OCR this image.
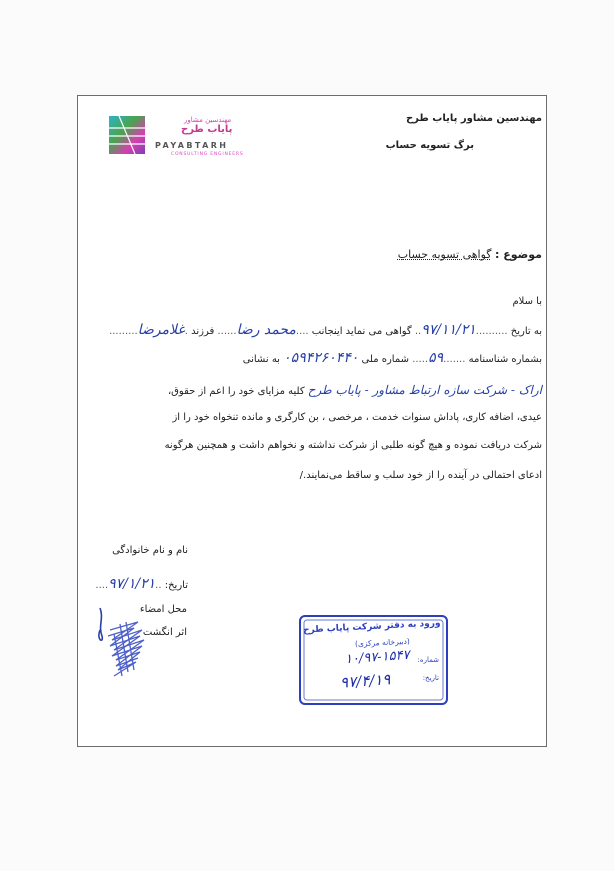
مهندسین مشاور پایاب طرح
برگ تسویه حساب
مهندسین مشاور
پایاب طرح
PAYABTARH
CONSULTING ENGINEERS
موضوع : گواهی تسویه حساب
با سلام
به تاریخ ..........۹۷/۱۱/۲۱.. گواهی می نماید اینجانب ....محمد رضا...... فرزند .غلامرضا.........
بشماره شناسنامه .......۵۹..... شماره ملی ۰۵۹۴۲۶۰۴۴۰ به نشانی
اراک - شرکت سازه ارتباط مشاور - پایاب طرح کلیه مزایای خود را اعم از حقوق،
عیدی، اضافه کاری، پاداش سنوات خدمت ، مرخصی ، بن کارگری و مانده تنخواه خود را از
شرکت دریافت نموده و هیچ گونه طلبی از شرکت نداشته و نخواهم داشت و همچنین هرگونه
ادعای احتمالی در آینده را از خود سلب و ساقط می‌نمایند./
نام و نام خانوادگی
تاریخ: ..۹۷/۱/۲۱....
محل امضاء
اثر انگشت	ورود به دفتر شرکت پایاب طرح
(دبیرخانه مرکزی)
شماره:
۱۰/۹۷-۱۵۴۷
تاریخ:
۹۷/۴/۱۹
